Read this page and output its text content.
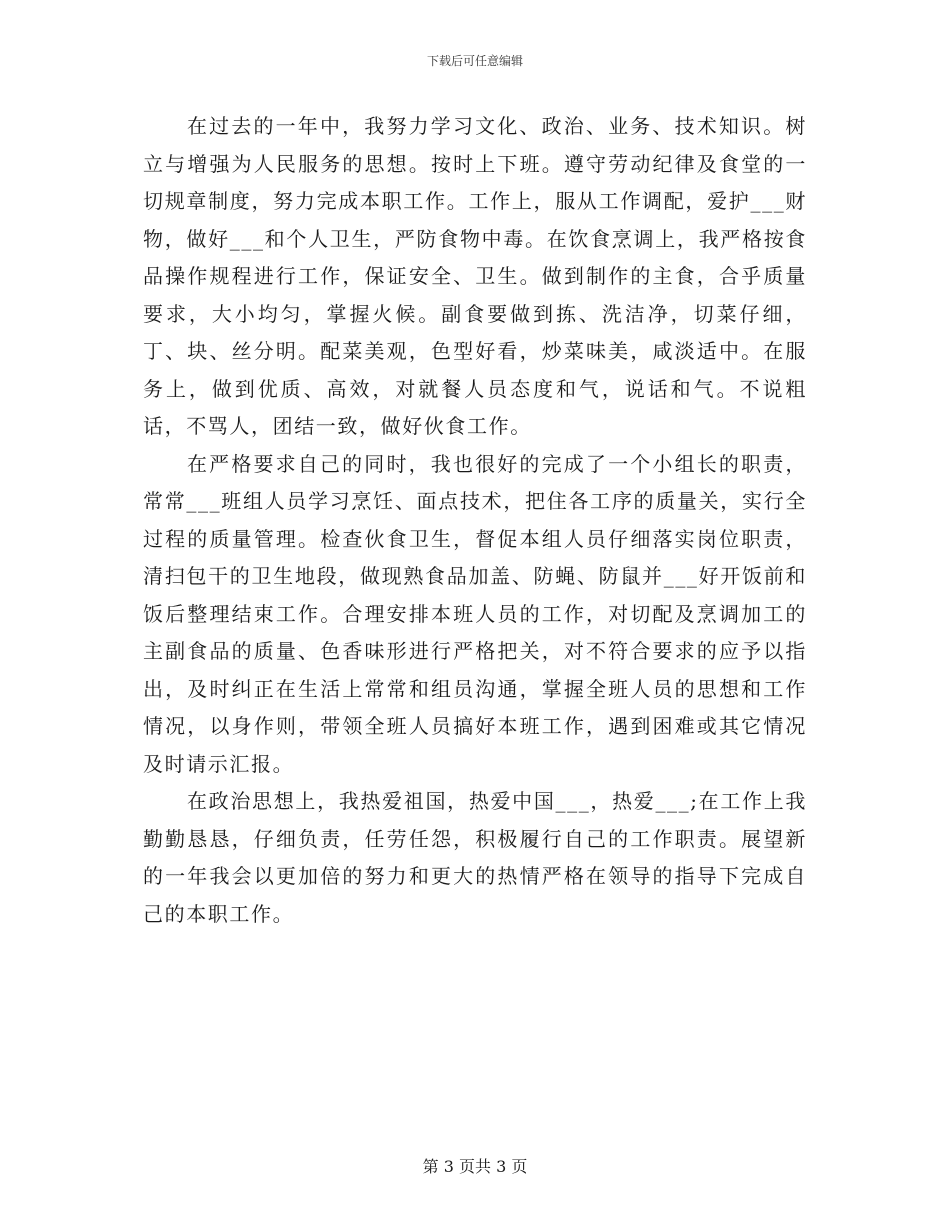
下载后可任意编辑

在过去的一年中，我努力学习文化、政治、业务、技术知识。树立与增强为人民服务的思想。按时上下班。遵守劳动纪律及食堂的一切规章制度，努力完成本职工作。工作上，服从工作调配，爱护___财物，做好___和个人卫生，严防食物中毒。在饮食烹调上，我严格按食品操作规程进行工作，保证安全、卫生。做到制作的主食，合乎质量要求，大小均匀，掌握火候。副食要做到拣、洗洁净，切菜仔细，丁、块、丝分明。配菜美观，色型好看，炒菜味美，咸淡适中。在服务上，做到优质、高效，对就餐人员态度和气，说话和气。不说粗话，不骂人，团结一致，做好伙食工作。

在严格要求自己的同时，我也很好的完成了一个小组长的职责，常常___班组人员学习烹饪、面点技术，把住各工序的质量关，实行全过程的质量管理。检查伙食卫生，督促本组人员仔细落实岗位职责，清扫包干的卫生地段，做现熟食品加盖、防蝇、防鼠并___好开饭前和饭后整理结束工作。合理安排本班人员的工作，对切配及烹调加工的主副食品的质量、色香味形进行严格把关，对不符合要求的应予以指出，及时纠正在生活上常常和组员沟通，掌握全班人员的思想和工作情况，以身作则，带领全班人员搞好本班工作，遇到困难或其它情况及时请示汇报。

在政治思想上，我热爱祖国，热爱中国___，热爱___;在工作上我勤勤恳恳，仔细负责，任劳任怨，积极履行自己的工作职责。展望新的一年我会以更加倍的努力和更大的热情严格在领导的指导下完成自己的本职工作。

第 3 页共 3 页
